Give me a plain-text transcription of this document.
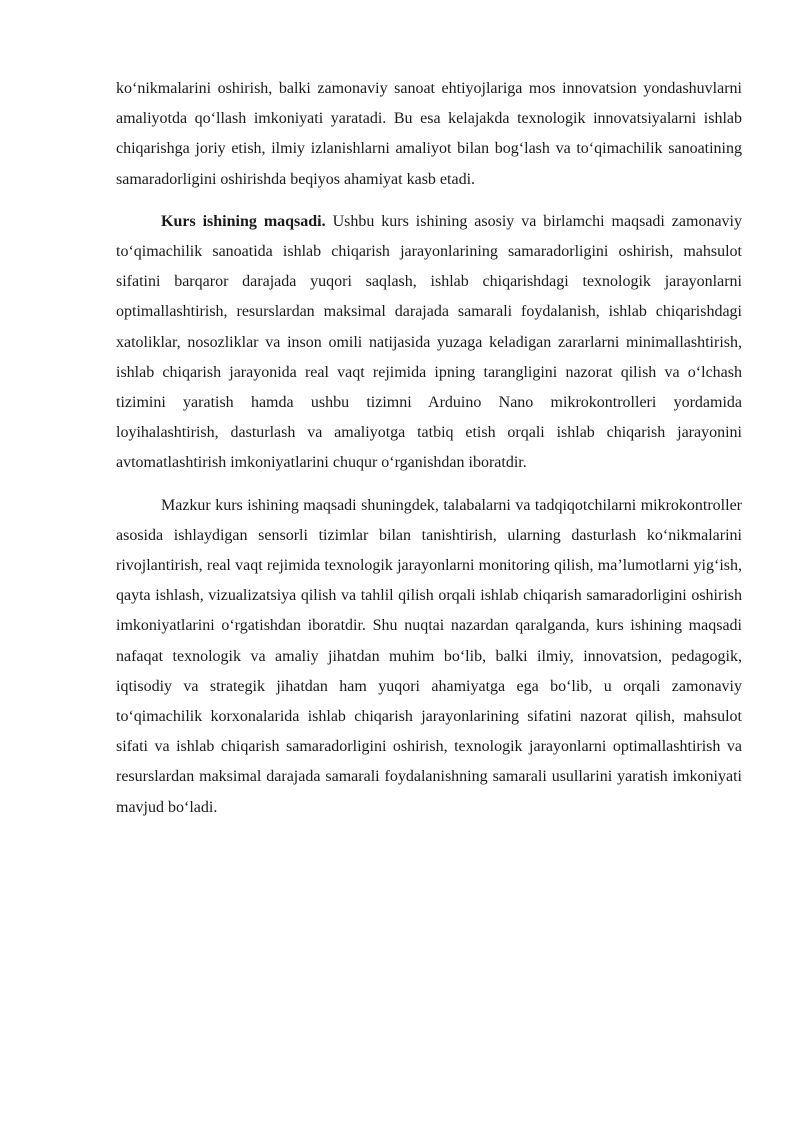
ko‘nikmalarini oshirish, balki zamonaviy sanoat ehtiyojlariga mos innovatsion yondashuvlarni amaliyotda qo‘llash imkoniyati yaratadi. Bu esa kelajakda texnologik innovatsiyalarni ishlab chiqarishga joriy etish, ilmiy izlanishlarni amaliyot bilan bog‘lash va to‘qimachilik sanoatining samaradorligini oshirishda beqiyos ahamiyat kasb etadi.

Kurs ishining maqsadi. Ushbu kurs ishining asosiy va birlamchi maqsadi zamonaviy to‘qimachilik sanoatida ishlab chiqarish jarayonlarining samaradorligini oshirish, mahsulot sifatini barqaror darajada yuqori saqlash, ishlab chiqarishdagi texnologik jarayonlarni optimallashtirish, resurslardan maksimal darajada samarali foydalanish, ishlab chiqarishdagi xatoliklar, nosozliklar va inson omili natijasida yuzaga keladigan zararlarni minimallashtirish, ishlab chiqarish jarayonida real vaqt rejimida ipning tarangligini nazorat qilish va o‘lchash tizimini yaratish hamda ushbu tizimni Arduino Nano mikrokontrolleri yordamida loyihalashtirish, dasturlash va amaliyotga tatbiq etish orqali ishlab chiqarish jarayonini avtomatlashtirish imkoniyatlarini chuqur o‘rganishdan iboratdir.

Mazkur kurs ishining maqsadi shuningdek, talabalarni va tadqiqotchilarni mikrokontroller asosida ishlaydigan sensorli tizimlar bilan tanishtirish, ularning dasturlash ko‘nikmalarini rivojlantirish, real vaqt rejimida texnologik jarayonlarni monitoring qilish, ma’lumotlarni yig‘ish, qayta ishlash, vizualizatsiya qilish va tahlil qilish orqali ishlab chiqarish samaradorligini oshirish imkoniyatlarini o‘rgatishdan iboratdir. Shu nuqtai nazardan qaralganda, kurs ishining maqsadi nafaqat texnologik va amaliy jihatdan muhim bo‘lib, balki ilmiy, innovatsion, pedagogik, iqtisodiy va strategik jihatdan ham yuqori ahamiyatga ega bo‘lib, u orqali zamonaviy to‘qimachilik korxonalarida ishlab chiqarish jarayonlarining sifatini nazorat qilish, mahsulot sifati va ishlab chiqarish samaradorligini oshirish, texnologik jarayonlarni optimallashtirish va resurslardan maksimal darajada samarali foydalanishning samarali usullarini yaratish imkoniyati mavjud bo‘ladi.
